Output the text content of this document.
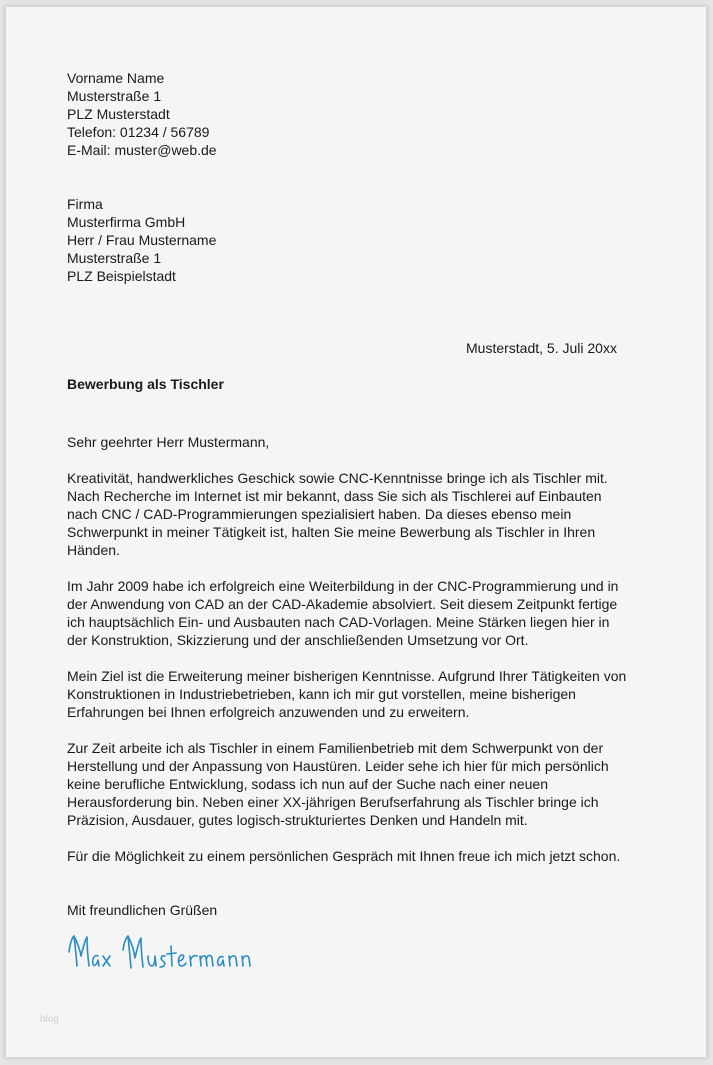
Vorname Name
Musterstraße 1
PLZ Musterstadt
Telefon: 01234 / 56789
E-Mail: muster@web.de
Firma
Musterfirma GmbH
Herr / Frau Mustername
Musterstraße 1
PLZ Beispielstadt
Musterstadt, 5. Juli 20xx
Bewerbung als Tischler
Sehr geehrter Herr Mustermann,
Kreativität, handwerkliches Geschick sowie CNC-Kenntnisse bringe ich als Tischler mit.
Nach Recherche im Internet ist mir bekannt, dass Sie sich als Tischlerei auf Einbauten
nach CNC / CAD-Programmierungen spezialisiert haben. Da dieses ebenso mein
Schwerpunkt in meiner Tätigkeit ist, halten Sie meine Bewerbung als Tischler in Ihren
Händen.
Im Jahr 2009 habe ich erfolgreich eine Weiterbildung in der CNC-Programmierung und in
der Anwendung von CAD an der CAD-Akademie absolviert. Seit diesem Zeitpunkt fertige
ich hauptsächlich Ein- und Ausbauten nach CAD-Vorlagen. Meine Stärken liegen hier in
der Konstruktion, Skizzierung und der anschließenden Umsetzung vor Ort.
Mein Ziel ist die Erweiterung meiner bisherigen Kenntnisse. Aufgrund Ihrer Tätigkeiten von
Konstruktionen in Industriebetrieben, kann ich mir gut vorstellen, meine bisherigen
Erfahrungen bei Ihnen erfolgreich anzuwenden und zu erweitern.
Zur Zeit arbeite ich als Tischler in einem Familienbetrieb mit dem Schwerpunkt von der
Herstellung und der Anpassung von Haustüren. Leider sehe ich hier für mich persönlich
keine berufliche Entwicklung, sodass ich nun auf der Suche nach einer neuen
Herausforderung bin. Neben einer XX-jährigen Berufserfahrung als Tischler bringe ich
Präzision, Ausdauer, gutes logisch-strukturiertes Denken und Handeln mit.
Für die Möglichkeit zu einem persönlichen Gespräch mit Ihnen freue ich mich jetzt schon.
Mit freundlichen Grüßen
blog
